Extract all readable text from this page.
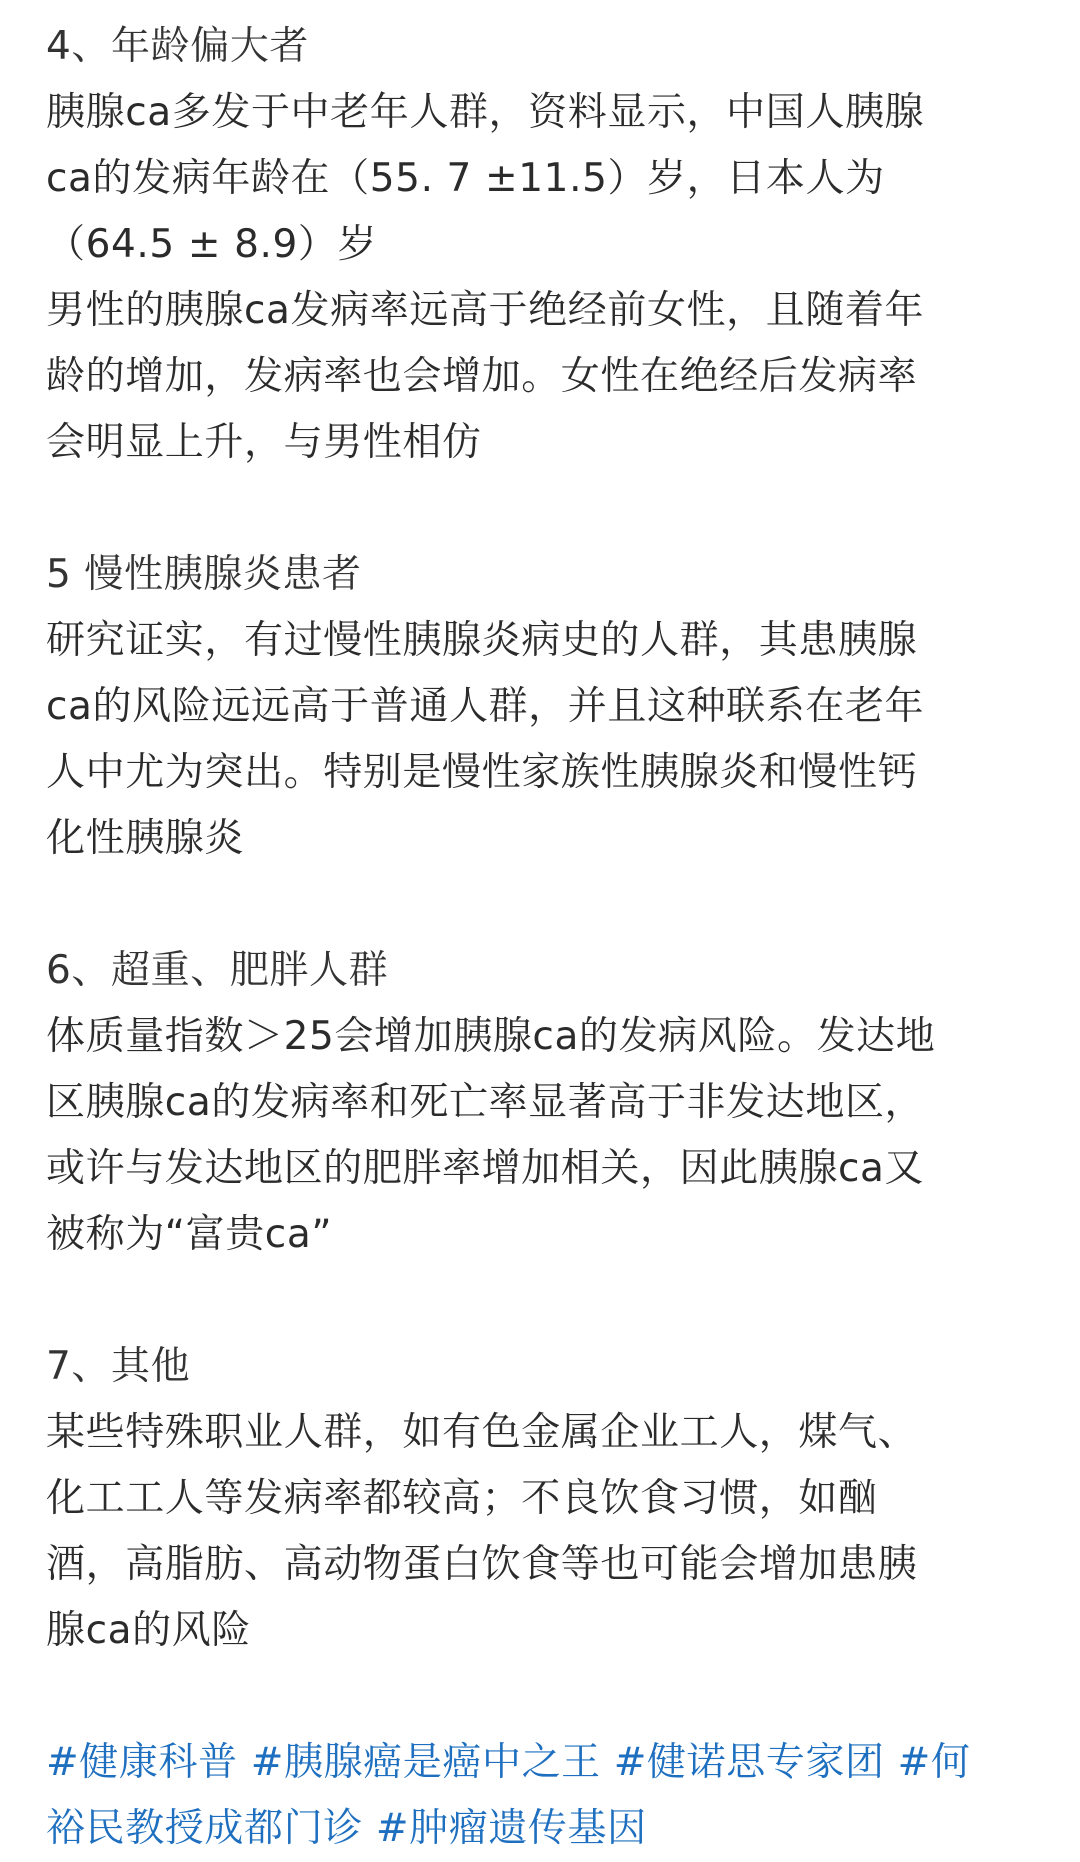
4、年龄偏大者
胰腺ca多发于中老年人群，资料显示，中国人胰腺
ca的发病年龄在（55. 7 ±11.5）岁，日本人为
（64.5 ± 8.9）岁
男性的胰腺ca发病率远高于绝经前女性，且随着年
龄的增加，发病率也会增加。女性在绝经后发病率
会明显上升，与男性相仿
5 慢性胰腺炎患者
研究证实，有过慢性胰腺炎病史的人群，其患胰腺
ca的风险远远高于普通人群，并且这种联系在老年
人中尤为突出。特别是慢性家族性胰腺炎和慢性钙
化性胰腺炎
6、超重、肥胖人群
体质量指数＞25会增加胰腺ca的发病风险。发达地
区胰腺ca的发病率和死亡率显著高于非发达地区，
或许与发达地区的肥胖率增加相关，因此胰腺ca又
被称为“富贵ca”
7、其他
某些特殊职业人群，如有色金属企业工人，煤气、
化工工人等发病率都较高；不良饮食习惯，如酗
酒，高脂肪、高动物蛋白饮食等也可能会增加患胰
腺ca的风险
#健康科普 #胰腺癌是癌中之王 #健诺思专家团 #何
裕民教授成都门诊 #肿瘤遗传基因
